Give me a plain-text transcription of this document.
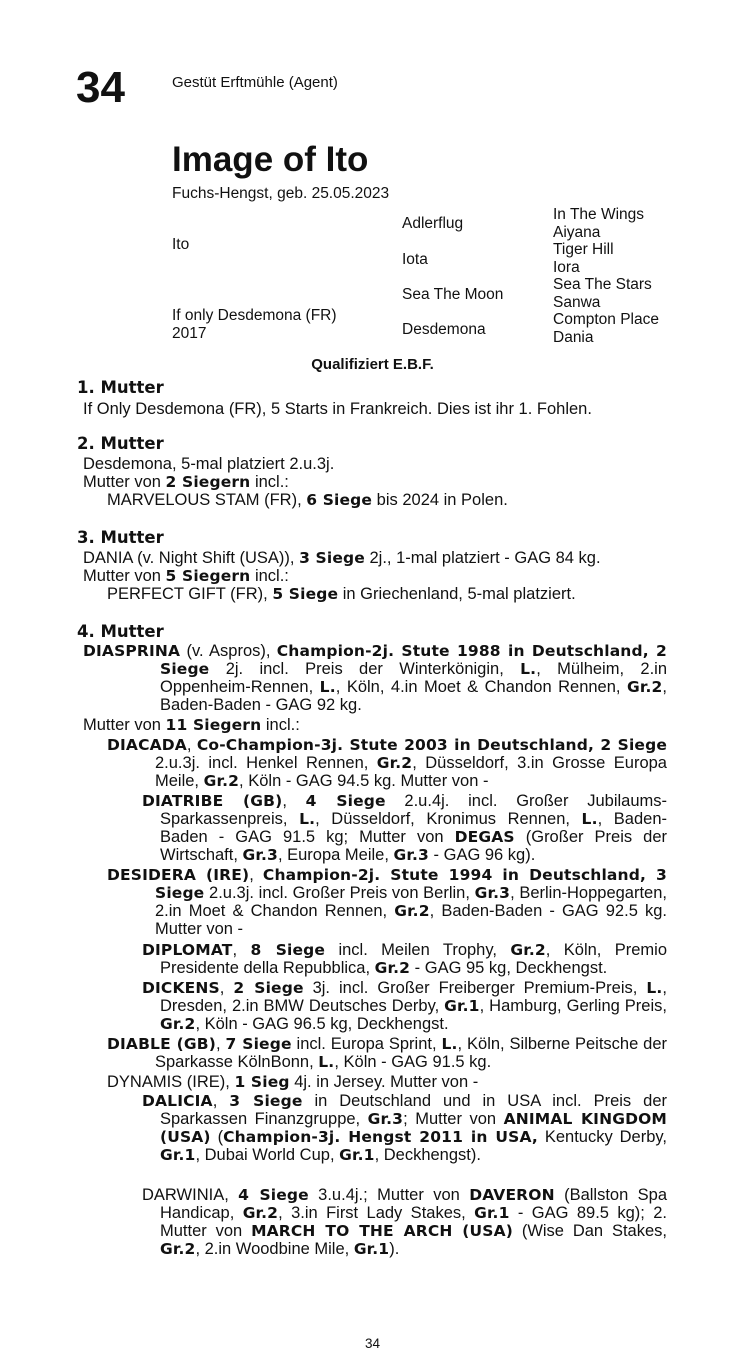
34	Gestüt Erftmühle (Agent)
Image of Ito
Fuchs-Hengst, geb. 25.05.2023
Ito
If only Desdemona (FR)
2017
Adlerflug
Iota
Sea The Moon
Desdemona
In The Wings
Aiyana
Tiger Hill
Iora
Sea The Stars
Sanwa
Compton Place
Dania
Qualifiziert E.B.F.
1. Mutter
If Only Desdemona (FR), 5 Starts in Frankreich. Dies ist ihr 1. Fohlen.
2. Mutter
Desdemona, 5-mal platziert 2.u.3j.
Mutter von 2 Siegern incl.:
MARVELOUS STAM (FR), 6 Siege bis 2024 in Polen.
3. Mutter
DANIA (v. Night Shift (USA)), 3 Siege 2j., 1-mal platziert - GAG 84 kg.
Mutter von 5 Siegern incl.:
PERFECT GIFT (FR), 5 Siege in Griechenland, 5-mal platziert.
4. Mutter
DIASPRINA (v. Aspros), Champion-2j. Stute 1988 in Deutschland, 2 Siege 2j. incl. Preis der Winterkönigin, L., Mülheim, 2.in Oppenheim-Rennen, L., Köln, 4.in Moet & Chandon Rennen, Gr.2, Baden-Baden - GAG 92 kg.
Mutter von 11 Siegern incl.:
DIACADA, Co-Champion-3j. Stute 2003 in Deutschland, 2 Siege 2.u.3j. incl. Henkel Rennen, Gr.2, Düsseldorf, 3.in Grosse Europa Meile, Gr.2, Köln - GAG 94.5 kg. Mutter von -
DIATRIBE (GB), 4 Siege 2.u.4j. incl. Großer Jubilaums-Sparkassenpreis, L., Düsseldorf, Kronimus Rennen, L., Baden-Baden - GAG 91.5 kg; Mutter von DEGAS (Großer Preis der Wirtschaft, Gr.3, Europa Meile, Gr.3 - GAG 96 kg).
DESIDERA (IRE), Champion-2j. Stute 1994 in Deutschland, 3 Siege 2.u.3j. incl. Großer Preis von Berlin, Gr.3, Berlin-Hoppegarten, 2.in Moet & Chandon Rennen, Gr.2, Baden-Baden - GAG 92.5 kg. Mutter von -
DIPLOMAT, 8 Siege incl. Meilen Trophy, Gr.2, Köln, Premio Presidente della Repubblica, Gr.2 - GAG 95 kg, Deckhengst.
DICKENS, 2 Siege 3j. incl. Großer Freiberger Premium-Preis, L., Dresden, 2.in BMW Deutsches Derby, Gr.1, Hamburg, Gerling Preis, Gr.2, Köln - GAG 96.5 kg, Deckhengst.
DIABLE (GB), 7 Siege incl. Europa Sprint, L., Köln, Silberne Peitsche der Sparkasse KölnBonn, L., Köln - GAG 91.5 kg.
DYNAMIS (IRE), 1 Sieg 4j. in Jersey. Mutter von -
DALICIA, 3 Siege in Deutschland und in USA incl. Preis der Sparkassen Finanzgruppe, Gr.3; Mutter von ANIMAL KINGDOM (USA) (Champion-3j. Hengst 2011 in USA, Kentucky Derby, Gr.1, Dubai World Cup, Gr.1, Deckhengst).
DARWINIA, 4 Siege 3.u.4j.; Mutter von DAVERON (Ballston Spa Handicap, Gr.2, 3.in First Lady Stakes, Gr.1 - GAG 89.5 kg); 2. Mutter von MARCH TO THE ARCH (USA) (Wise Dan Stakes, Gr.2, 2.in Woodbine Mile, Gr.1).
34
